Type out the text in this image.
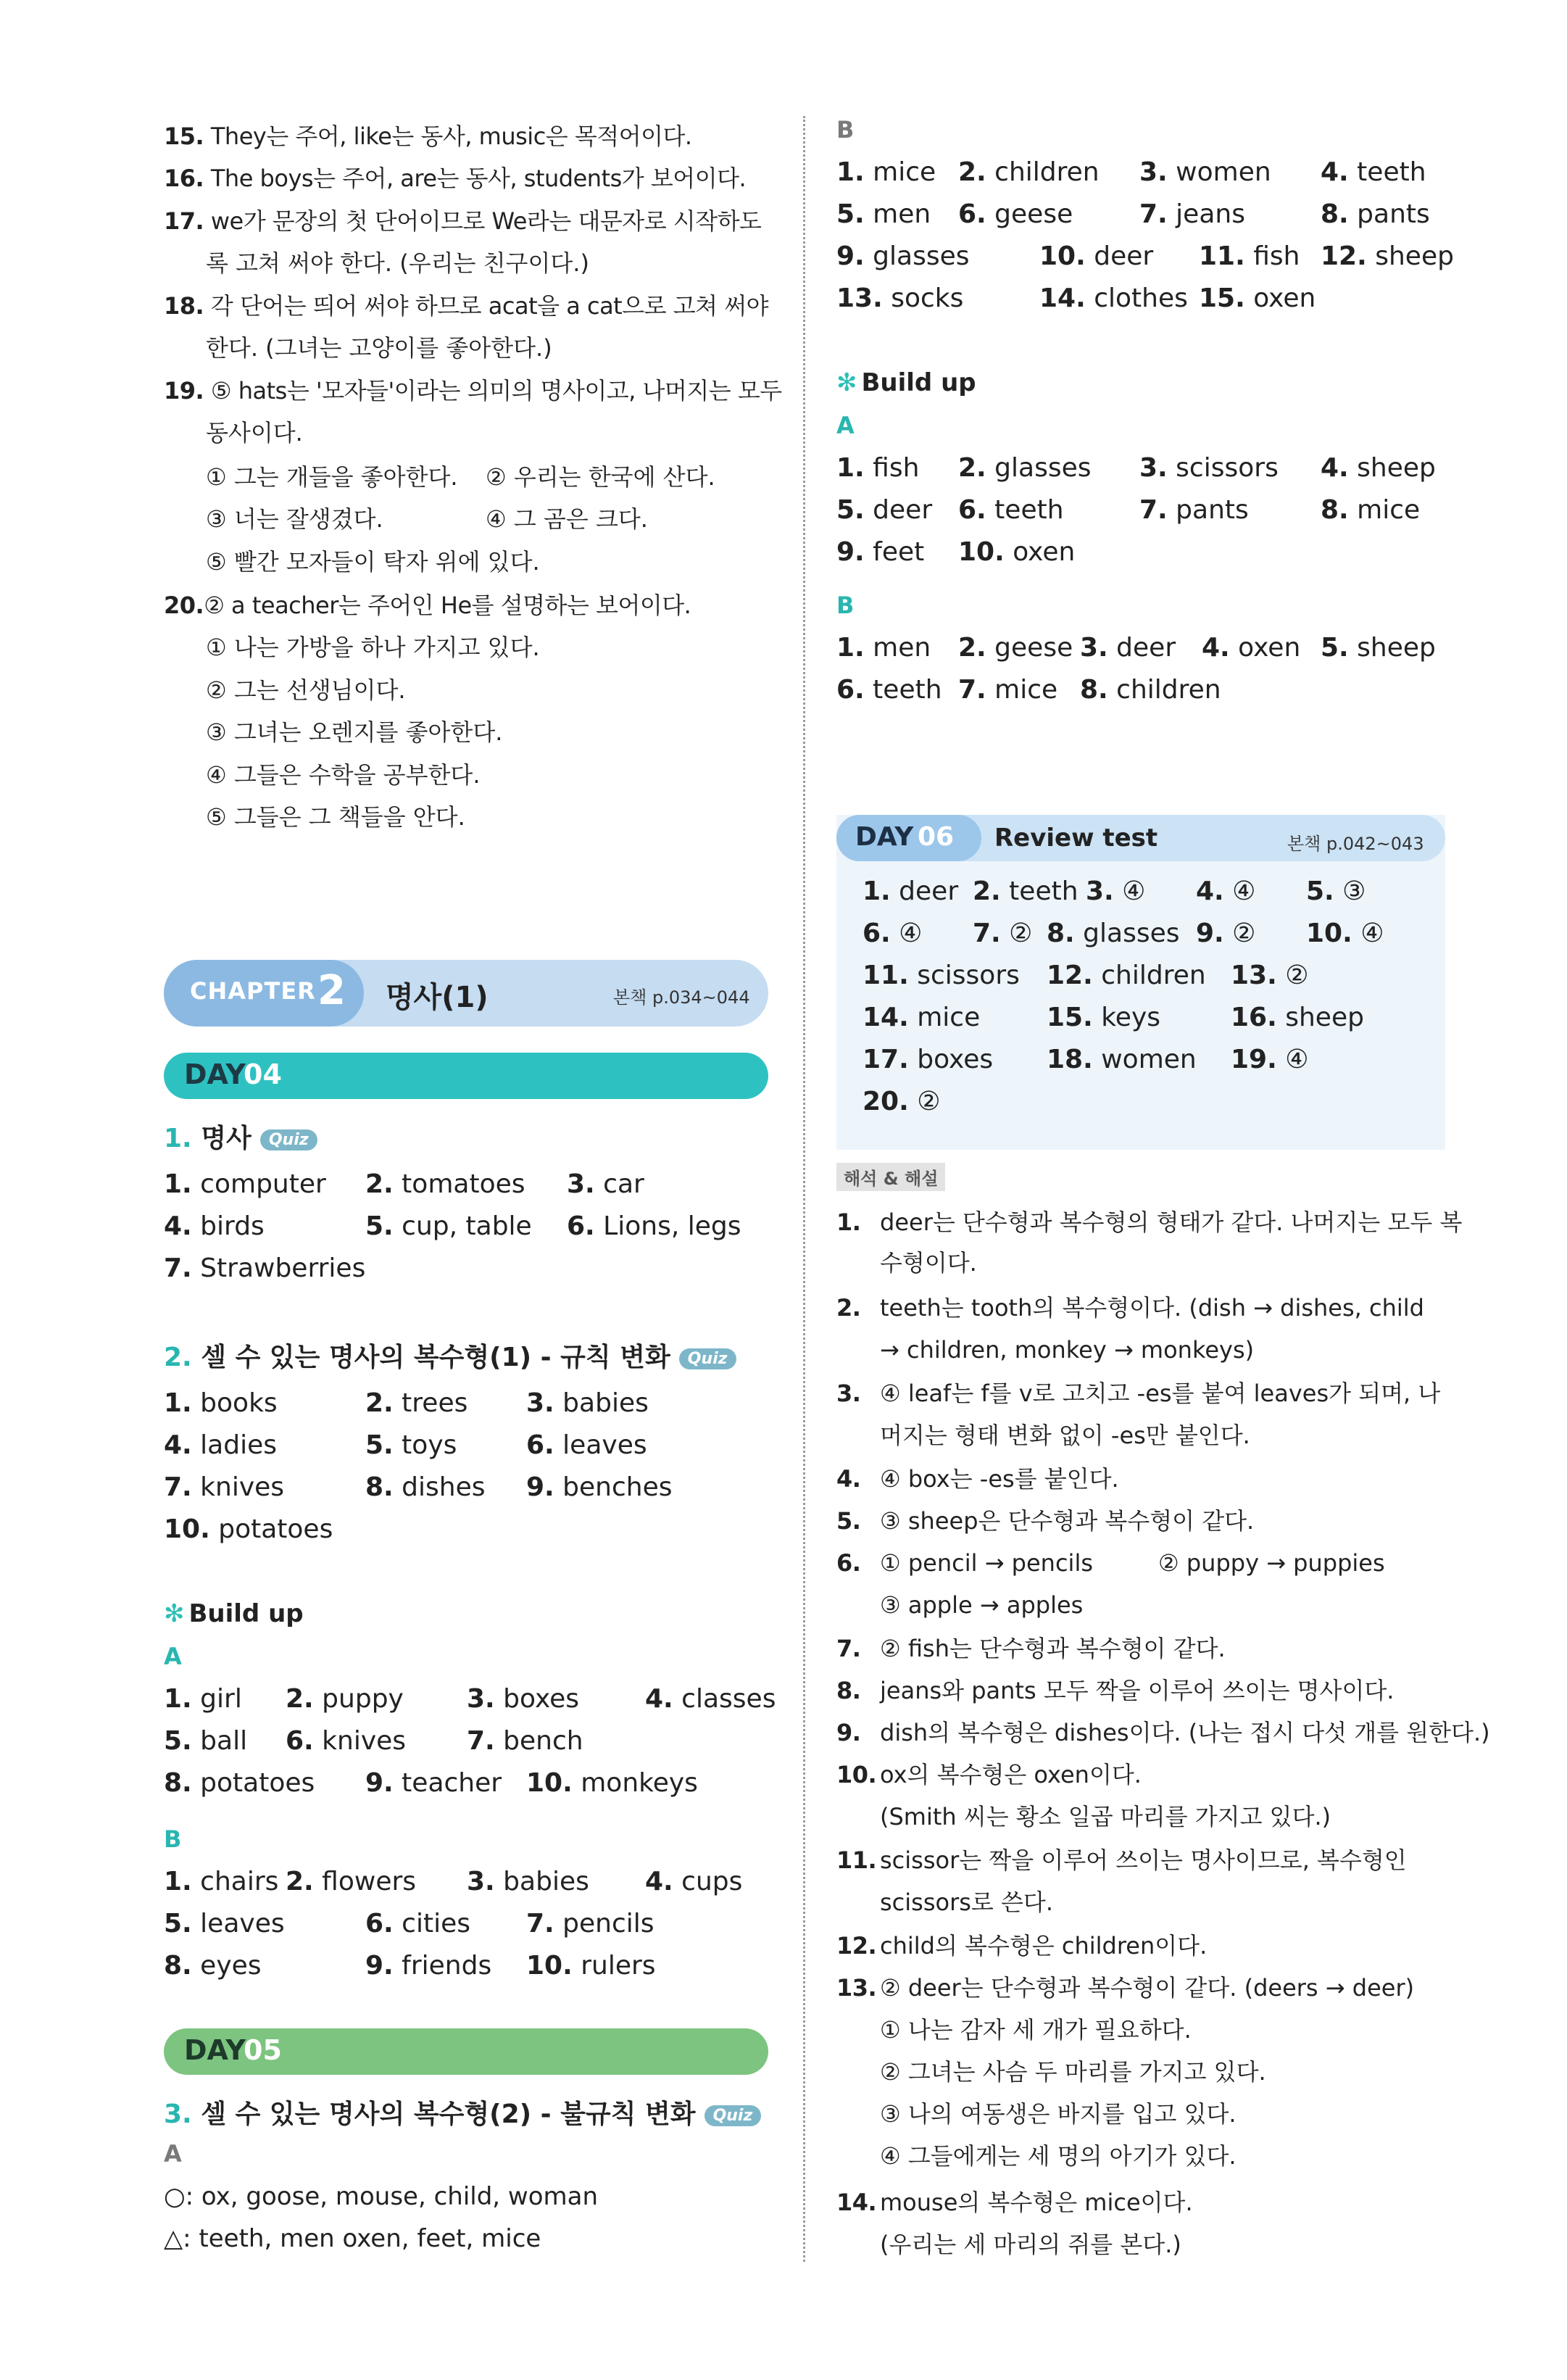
15. They는 주어, like는 동사, music은 목적어이다.
16. The boys는 주어, are는 동사, students가 보어이다.
17. we가 문장의 첫 단어이므로 We라는 대문자로 시작하도
록 고쳐 써야 한다. (우리는 친구이다.)
18. 각 단어는 띄어 써야 하므로 acat을 a cat으로 고쳐 써야
한다. (그녀는 고양이를 좋아한다.)
19. ⑤ hats는 '모자들'이라는 의미의 명사이고, 나머지는 모두
동사이다.
① 그는 개들을 좋아한다. ② 우리는 한국에 산다.
③ 너는 잘생겼다.	④ 그 곰은 크다.
⑤ 빨간 모자들이 탁자 위에 있다.
20.② a teacher는 주어인 He를 설명하는 보어이다.
① 나는 가방을 하나 가지고 있다.
② 그는 선생님이다.
③ 그녀는 오렌지를 좋아한다.
④ 그들은 수학을 공부한다.
⑤ 그들은 그 책들을 안다.
CHAPTER 2 명사(1)	본책 p.034~044
DAY
04
1. 명사 Quiz
1. computer 2. tomatoes 3. car
4. birds	5. cup, table 6. Lions, legs
7. Strawberries
2. 셀 수 있는 명사의 복수형(1) - 규칙 변화 Quiz
1. books	2. trees 3. babies
4. ladies	5. toys	6. leaves
7. knives	8. dishes 9. benches
10. potatoes
✻ Build up
A
1. girl 2. puppy 3. boxes	4. classes
5. ball 6. knives 7. bench
8. potatoes 9. teacher 10. monkeys
B
1. chairs 2. flowers 3. babies 4. cups
5. leaves	6. cities 7. pencils
8. eyes	9. friends 10. rulers
DAY
05
3. 셀 수 있는 명사의 복수형(2) - 불규칙 변화 Quiz
A
○: ox, goose, mouse, child, woman
△: teeth, men oxen, feet, mice
B
1. mice 2. children 3. women 4. teeth
5. men 6. geese	7. jeans	8. pants
9. glasses	10. deer 11. fish 12. sheep
13. socks	14. clothes 15. oxen
✻ Build up
A
1. fish 2. glasses 3. scissors 4. sheep
5. deer 6. teeth	7. pants	8. mice
9. feet 10. oxen
B
1. men 2. geese 3. deer 4. oxen 5. sheep
6. teeth 7. mice 8. children
DAY 06 Review test	본책 p.042~043
1. deer 2. teeth 3. ④ 4. ④ 5. ③
6. ④ 7. ② 8. glasses 9. ② 10. ④
11. scissors 12. children 13. ②
14. mice	15. keys	16. sheep
17. boxes 18. women 19. ④
20. ②
해석 & 해설
1. deer는 단수형과 복수형의 형태가 같다. 나머지는 모두 복
수형이다.
2. teeth는 tooth의 복수형이다. (dish → dishes, child
→ children, monkey → monkeys)
3. ④ leaf는 f를 v로 고치고 -es를 붙여 leaves가 되며, 나
머지는 형태 변화 없이 -es만 붙인다.
4. ④ box는 -es를 붙인다.
5. ③ sheep은 단수형과 복수형이 같다.
6. ① pencil → pencils	② puppy → puppies
③ apple → apples
7. ② fish는 단수형과 복수형이 같다.
8. jeans와 pants 모두 짝을 이루어 쓰이는 명사이다.
9. dish의 복수형은 dishes이다. (나는 접시 다섯 개를 원한다.)
10. ox의 복수형은 oxen이다.
(Smith 씨는 황소 일곱 마리를 가지고 있다.)
11. scissor는 짝을 이루어 쓰이는 명사이므로, 복수형인
scissors로 쓴다.
12. child의 복수형은 children이다.
13. ② deer는 단수형과 복수형이 같다. (deers → deer)
① 나는 감자 세 개가 필요하다.
② 그녀는 사슴 두 마리를 가지고 있다.
③ 나의 여동생은 바지를 입고 있다.
④ 그들에게는 세 명의 아기가 있다.
14. mouse의 복수형은 mice이다.
(우리는 세 마리의 쥐를 본다.)
